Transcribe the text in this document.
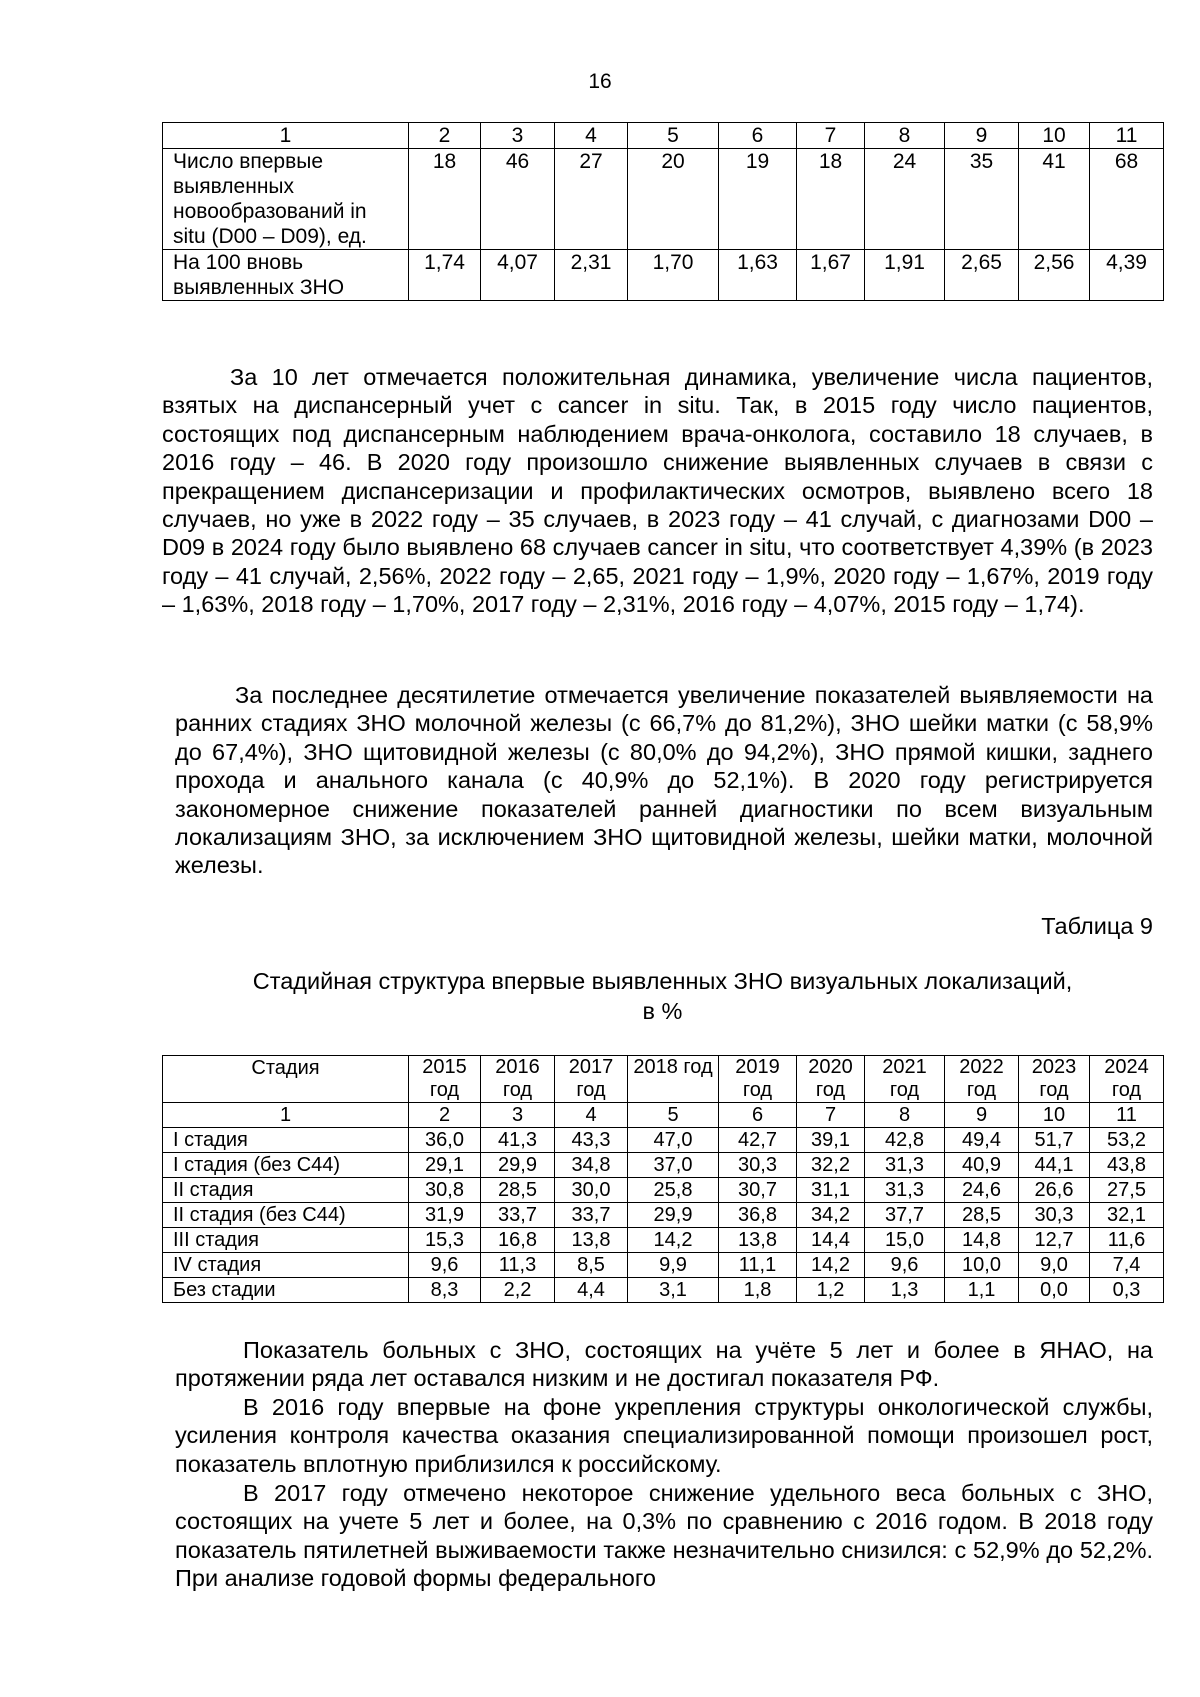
16

1	2	3	4	5	6	7	8	9	10	11
Число впервые выявленных новообразований in situ (D00 – D09), ед.	18	46	27	20	19	18	24	35	41	68
На 100 вновь выявленных ЗНО	1,74	4,07	2,31	1,70	1,63	1,67	1,91	2,65	2,56	4,39

За 10 лет отмечается положительная динамика, увеличение числа пациентов, взятых на диспансерный учет с cancer in situ. Так, в 2015 году число пациентов, состоящих под диспансерным наблюдением врача-онколога, составило 18 случаев, в 2016 году – 46. В 2020 году произошло снижение выявленных случаев в связи с прекращением диспансеризации и профилактических осмотров, выявлено всего 18 случаев, но уже в 2022 году – 35 случаев, в 2023 году – 41 случай, с диагнозами D00 – D09 в 2024 году было выявлено 68 случаев cancer in situ, что соответствует 4,39% (в 2023 году – 41 случай, 2,56%, 2022 году – 2,65, 2021 году – 1,9%, 2020 году – 1,67%, 2019 году – 1,63%, 2018 году – 1,70%, 2017 году – 2,31%, 2016 году – 4,07%, 2015 году – 1,74).

За последнее десятилетие отмечается увеличение показателей выявляемости на ранних стадиях ЗНО молочной железы (с 66,7% до 81,2%), ЗНО шейки матки (с 58,9% до 67,4%), ЗНО щитовидной железы (с 80,0% до 94,2%), ЗНО прямой кишки, заднего прохода и анального канала (с 40,9% до 52,1%). В 2020 году регистрируется закономерное снижение показателей ранней диагностики по всем визуальным локализациям ЗНО, за исключением ЗНО щитовидной железы, шейки матки, молочной железы.

Таблица 9

Стадийная структура впервые выявленных ЗНО визуальных локализаций,
в %
Стадия	2015 год	2016 год	2017 год	2018 год	2019 год	2020 год	2021 год	2022 год	2023 год	2024 год
1	2	3	4	5	6	7	8	9	10	11
I стадия	36,0	41,3	43,3	47,0	42,7	39,1	42,8	49,4	51,7	53,2
I стадия (без С44)	29,1	29,9	34,8	37,0	30,3	32,2	31,3	40,9	44,1	43,8
II стадия	30,8	28,5	30,0	25,8	30,7	31,1	31,3	24,6	26,6	27,5
II стадия (без С44)	31,9	33,7	33,7	29,9	36,8	34,2	37,7	28,5	30,3	32,1
III стадия	15,3	16,8	13,8	14,2	13,8	14,4	15,0	14,8	12,7	11,6
IV стадия	9,6	11,3	8,5	9,9	11,1	14,2	9,6	10,0	9,0	7,4
Без стадии	8,3	2,2	4,4	3,1	1,8	1,2	1,3	1,1	0,0	0,3

Показатель больных с ЗНО, состоящих на учёте 5 лет и более в ЯНАО, на протяжении ряда лет оставался низким и не достигал показателя РФ.

В 2016 году впервые на фоне укрепления структуры онкологической службы, усиления контроля качества оказания специализированной помощи произошел рост, показатель вплотную приблизился к российскому.

В 2017 году отмечено некоторое снижение удельного веса больных с ЗНО, состоящих на учете 5 лет и более, на 0,3% по сравнению с 2016 годом. В 2018 году показатель пятилетней выживаемости также незначительно снизился: с 52,9% до 52,2%. При анализе годовой формы федерального
